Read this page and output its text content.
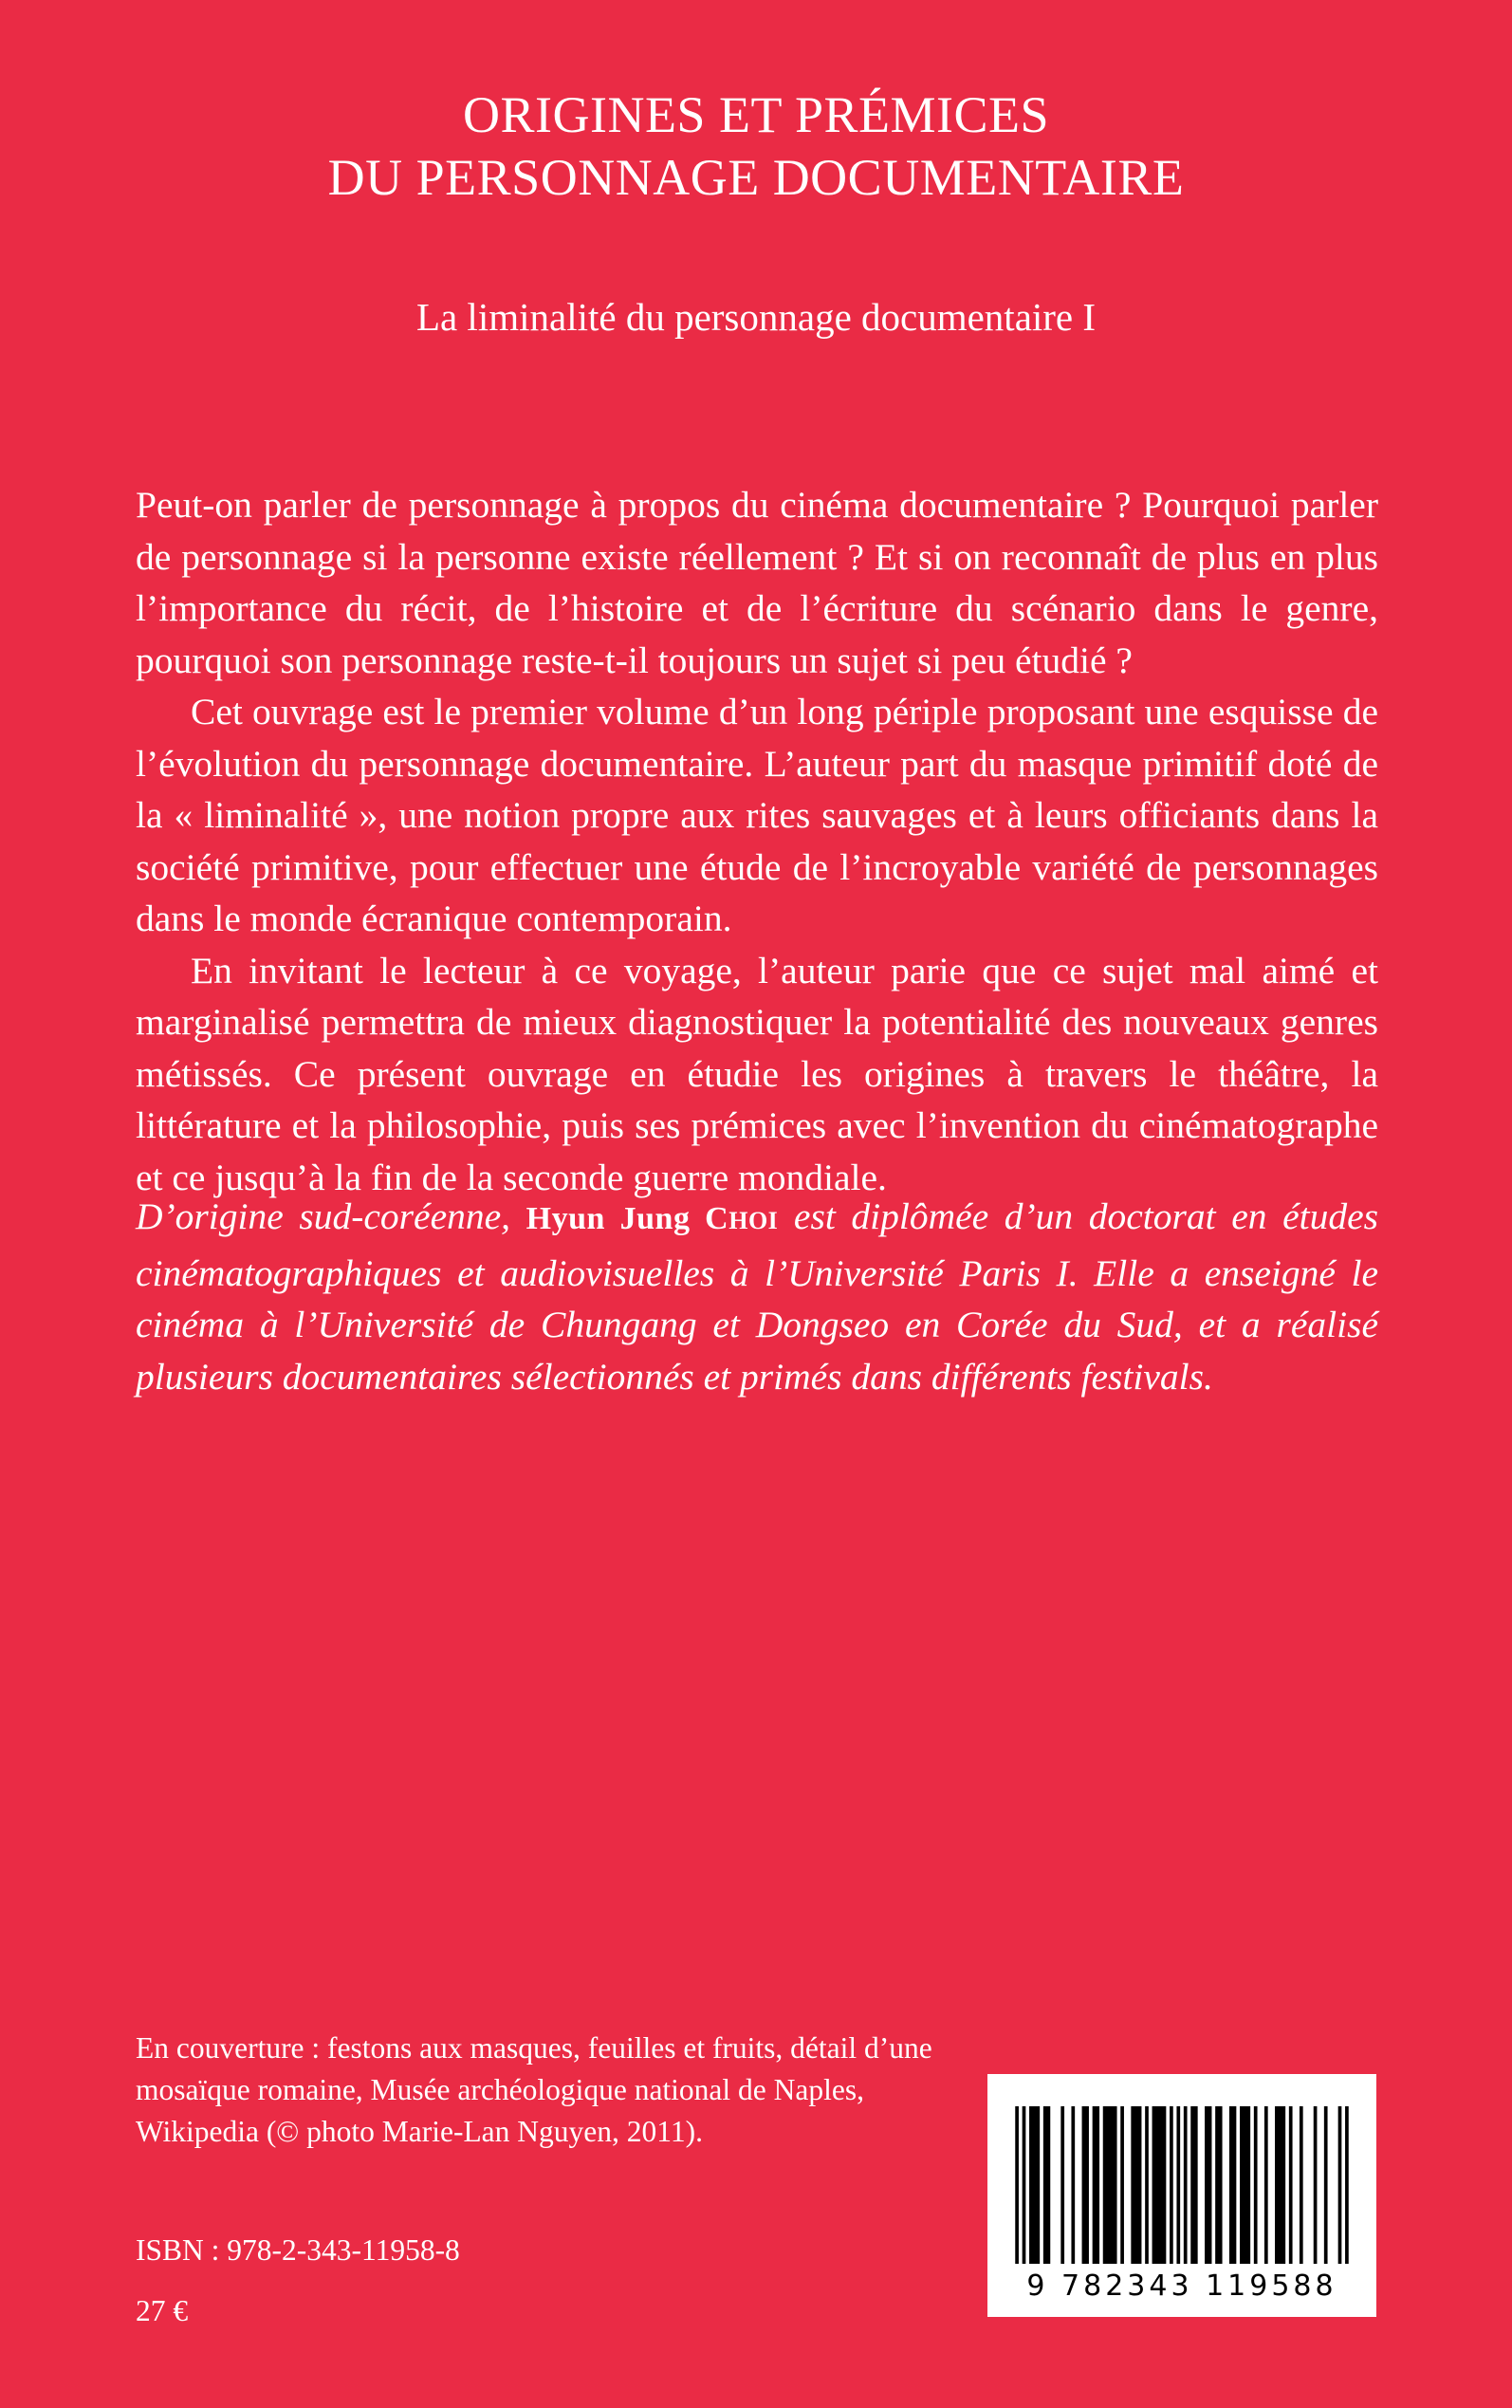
ORIGINES ET PRÉMICES
DU PERSONNAGE DOCUMENTAIRE
La liminalité du personnage documentaire I

Peut-on parler de personnage à propos du cinéma documentaire ? Pourquoi parler de personnage si la personne existe réellement ? Et si on reconnaît de plus en plus l’importance du récit, de l’histoire et de l’écriture du scénario dans le genre, pourquoi son personnage reste-t-il toujours un sujet si peu étudié ?

Cet ouvrage est le premier volume d’un long périple proposant une esquisse de l’évolution du personnage documentaire. L’auteur part du masque primitif doté de la « liminalité », une notion propre aux rites sauvages et à leurs officiants dans la société primitive, pour effectuer une étude de l’incroyable variété de personnages dans le monde écranique contemporain.

En invitant le lecteur à ce voyage, l’auteur parie que ce sujet mal aimé et marginalisé permettra de mieux diagnostiquer la potentialité des nouveaux genres métissés. Ce présent ouvrage en étudie les origines à travers le théâtre, la littérature et la philosophie, puis ses prémices avec l’invention du cinématographe et ce jusqu’à la fin de la seconde guerre mondiale.

D’origine sud-coréenne, Hyun Jung CHOI est diplômée d’un doctorat en études cinématographiques et audiovisuelles à l’Université Paris I. Elle a enseigné le cinéma à l’Université de Chungang et Dongseo en Corée du Sud, et a réalisé plusieurs documentaires sélectionnés et primés dans différents festivals.
En couverture : festons aux masques, feuilles et fruits, détail d’une mosaïque romaine, Musée archéologique national de Naples, Wikipedia (© photo Marie-Lan Nguyen, 2011).
ISBN : 978-2-343-11958-8
27 €
9 782343 119588
